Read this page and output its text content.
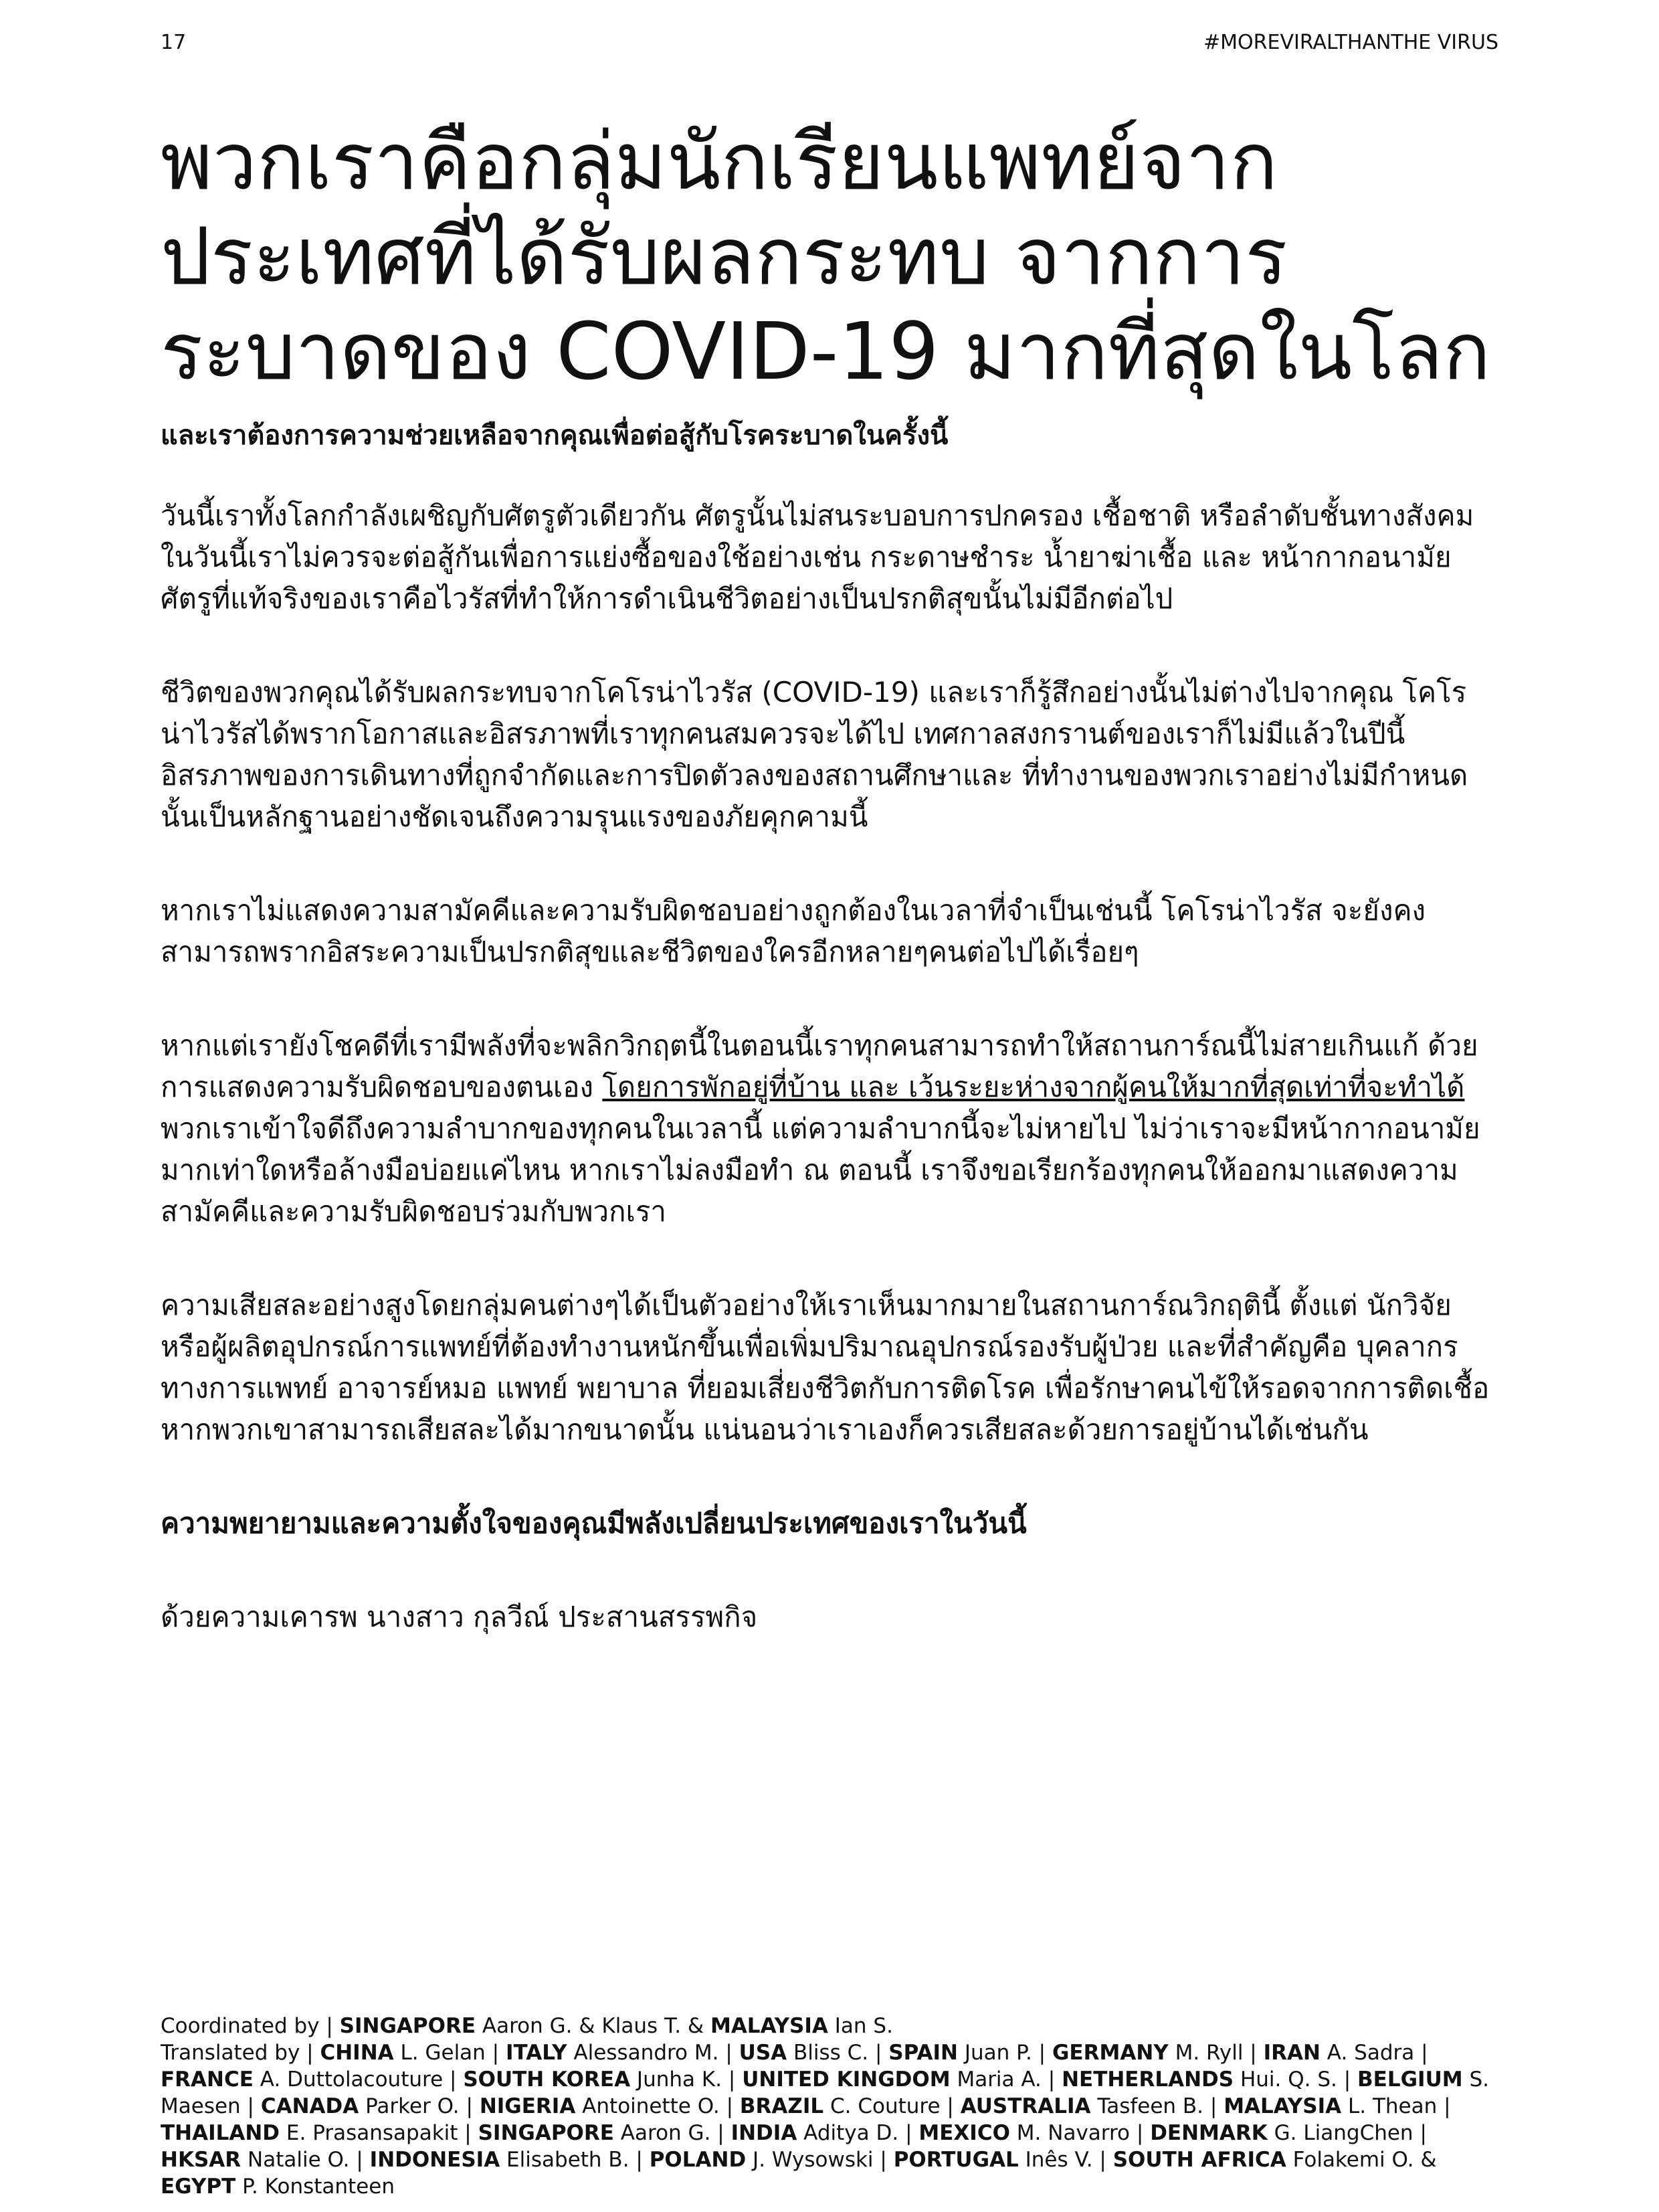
17	#MOREVIRALTHANTHE VIRUS
พวกเราคือกลุ่มนักเรียนแพทย์จาก
ประเทศที่ได้รับผลกระทบ จากการ
ระบาดของ COVID-19 มากที่สุดในโลก
และเราต้องการความช่วยเหลือจากคุณเพื่อต่อสู้กับโรคระบาดในครั้งนี้

วันนี้เราทั้งโลกกำลังเผชิญกับศัตรูตัวเดียวกัน ศัตรูนั้นไม่สนระบอบการปกครอง เชื้อชาติ หรือลำดับชั้นทางสังคม ในวันนี้เราไม่ควรจะต่อสู้กันเพื่อการแย่งซื้อของใช้อย่างเช่น กระดาษชำระ น้ำยาฆ่าเชื้อ และ หน้ากากอนามัย ศัตรูที่แท้จริงของเราคือไวรัสที่ทำให้การดำเนินชีวิตอย่างเป็นปรกติสุขนั้นไม่มีอีกต่อไป

ชีวิตของพวกคุณได้รับผลกระทบจากโคโรน่าไวรัส (COVID-19) และเราก็รู้สึกอย่างนั้นไม่ต่างไปจากคุณ โคโรน่าไวรัสได้พรากโอกาสและอิสรภาพที่เราทุกคนสมควรจะได้ไป เทศกาลสงกรานต์ของเราก็ไม่มีแล้วในปีนี้ อิสรภาพของการเดินทางที่ถูกจำกัดและการปิดตัวลงของสถานศึกษาและ ที่ทำงานของพวกเราอย่างไม่มีกำหนดนั้นเป็นหลักฐานอย่างชัดเจนถึงความรุนแรงของภัยคุกคามนี้

หากเราไม่แสดงความสามัคคีและความรับผิดชอบอย่างถูกต้องในเวลาที่จำเป็นเช่นนี้ โคโรน่าไวรัส จะยังคงสามารถพรากอิสระความเป็นปรกติสุขและชีวิตของใครอีกหลายๆคนต่อไปได้เรื่อยๆ

หากแต่เรายังโชคดีที่เรามีพลังที่จะพลิกวิกฤตนี้ในตอนนี้เราทุกคนสามารถทำให้สถานการ์ณนี้ไม่สายเกินแก้ ด้วยการแสดงความรับผิดชอบของตนเอง โดยการพักอยู่ที่บ้าน และ เว้นระยะห่างจากผู้คนให้มากที่สุดเท่าที่จะทำได้ พวกเราเข้าใจดีถึงความลำบากของทุกคนในเวลานี้ แต่ความลำบากนี้จะไม่หายไป ไม่ว่าเราจะมีหน้ากากอนามัยมากเท่าใดหรือล้างมือบ่อยแค่ไหน หากเราไม่ลงมือทำ ณ ตอนนี้ เราจึงขอเรียกร้องทุกคนให้ออกมาแสดงความสามัคคีและความรับผิดชอบร่วมกับพวกเรา

ความเสียสละอย่างสูงโดยกลุ่มคนต่างๆได้เป็นตัวอย่างให้เราเห็นมากมายในสถานการ์ณวิกฤตินี้ ตั้งแต่ นักวิจัยหรือผู้ผลิตอุปกรณ์การแพทย์ที่ต้องทำงานหนักขึ้นเพื่อเพิ่มปริมาณอุปกรณ์รองรับผู้ป่วย และที่สำคัญคือ บุคลากรทางการแพทย์ อาจารย์หมอ แพทย์ พยาบาล ที่ยอมเสี่ยงชีวิตกับการติดโรค เพื่อรักษาคนไข้ให้รอดจากการติดเชื้อ หากพวกเขาสามารถเสียสละได้มากขนาดนั้น แน่นอนว่าเราเองก็ควรเสียสละด้วยการอยู่บ้านได้เช่นกัน

ความพยายามและความตั้งใจของคุณมีพลังเปลี่ยนประเทศของเราในวันนี้

ด้วยความเคารพ นางสาว กุลวีณ์ ประสานสรรพกิจ

Coordinated by | SINGAPORE Aaron G. & Klaus T. & MALAYSIA Ian S.

Translated by | CHINA L. Gelan | ITALY Alessandro M. | USA Bliss C. | SPAIN Juan P. | GERMANY M. Ryll | IRAN A. Sadra | FRANCE A. Duttolacouture | SOUTH KOREA Junha K. | UNITED KINGDOM Maria A. | NETHERLANDS Hui. Q. S. | BELGIUM S. Maesen | CANADA Parker O. | NIGERIA Antoinette O. | BRAZIL C. Couture | AUSTRALIA Tasfeen B. | MALAYSIA L. Thean | THAILAND E. Prasansapakit | SINGAPORE Aaron G. | INDIA Aditya D. | MEXICO M. Navarro | DENMARK G. LiangChen | HKSAR Natalie O. | INDONESIA Elisabeth B. | POLAND J. Wysowski | PORTUGAL Inês V. | SOUTH AFRICA Folakemi O. & EGYPT P. Konstanteen
